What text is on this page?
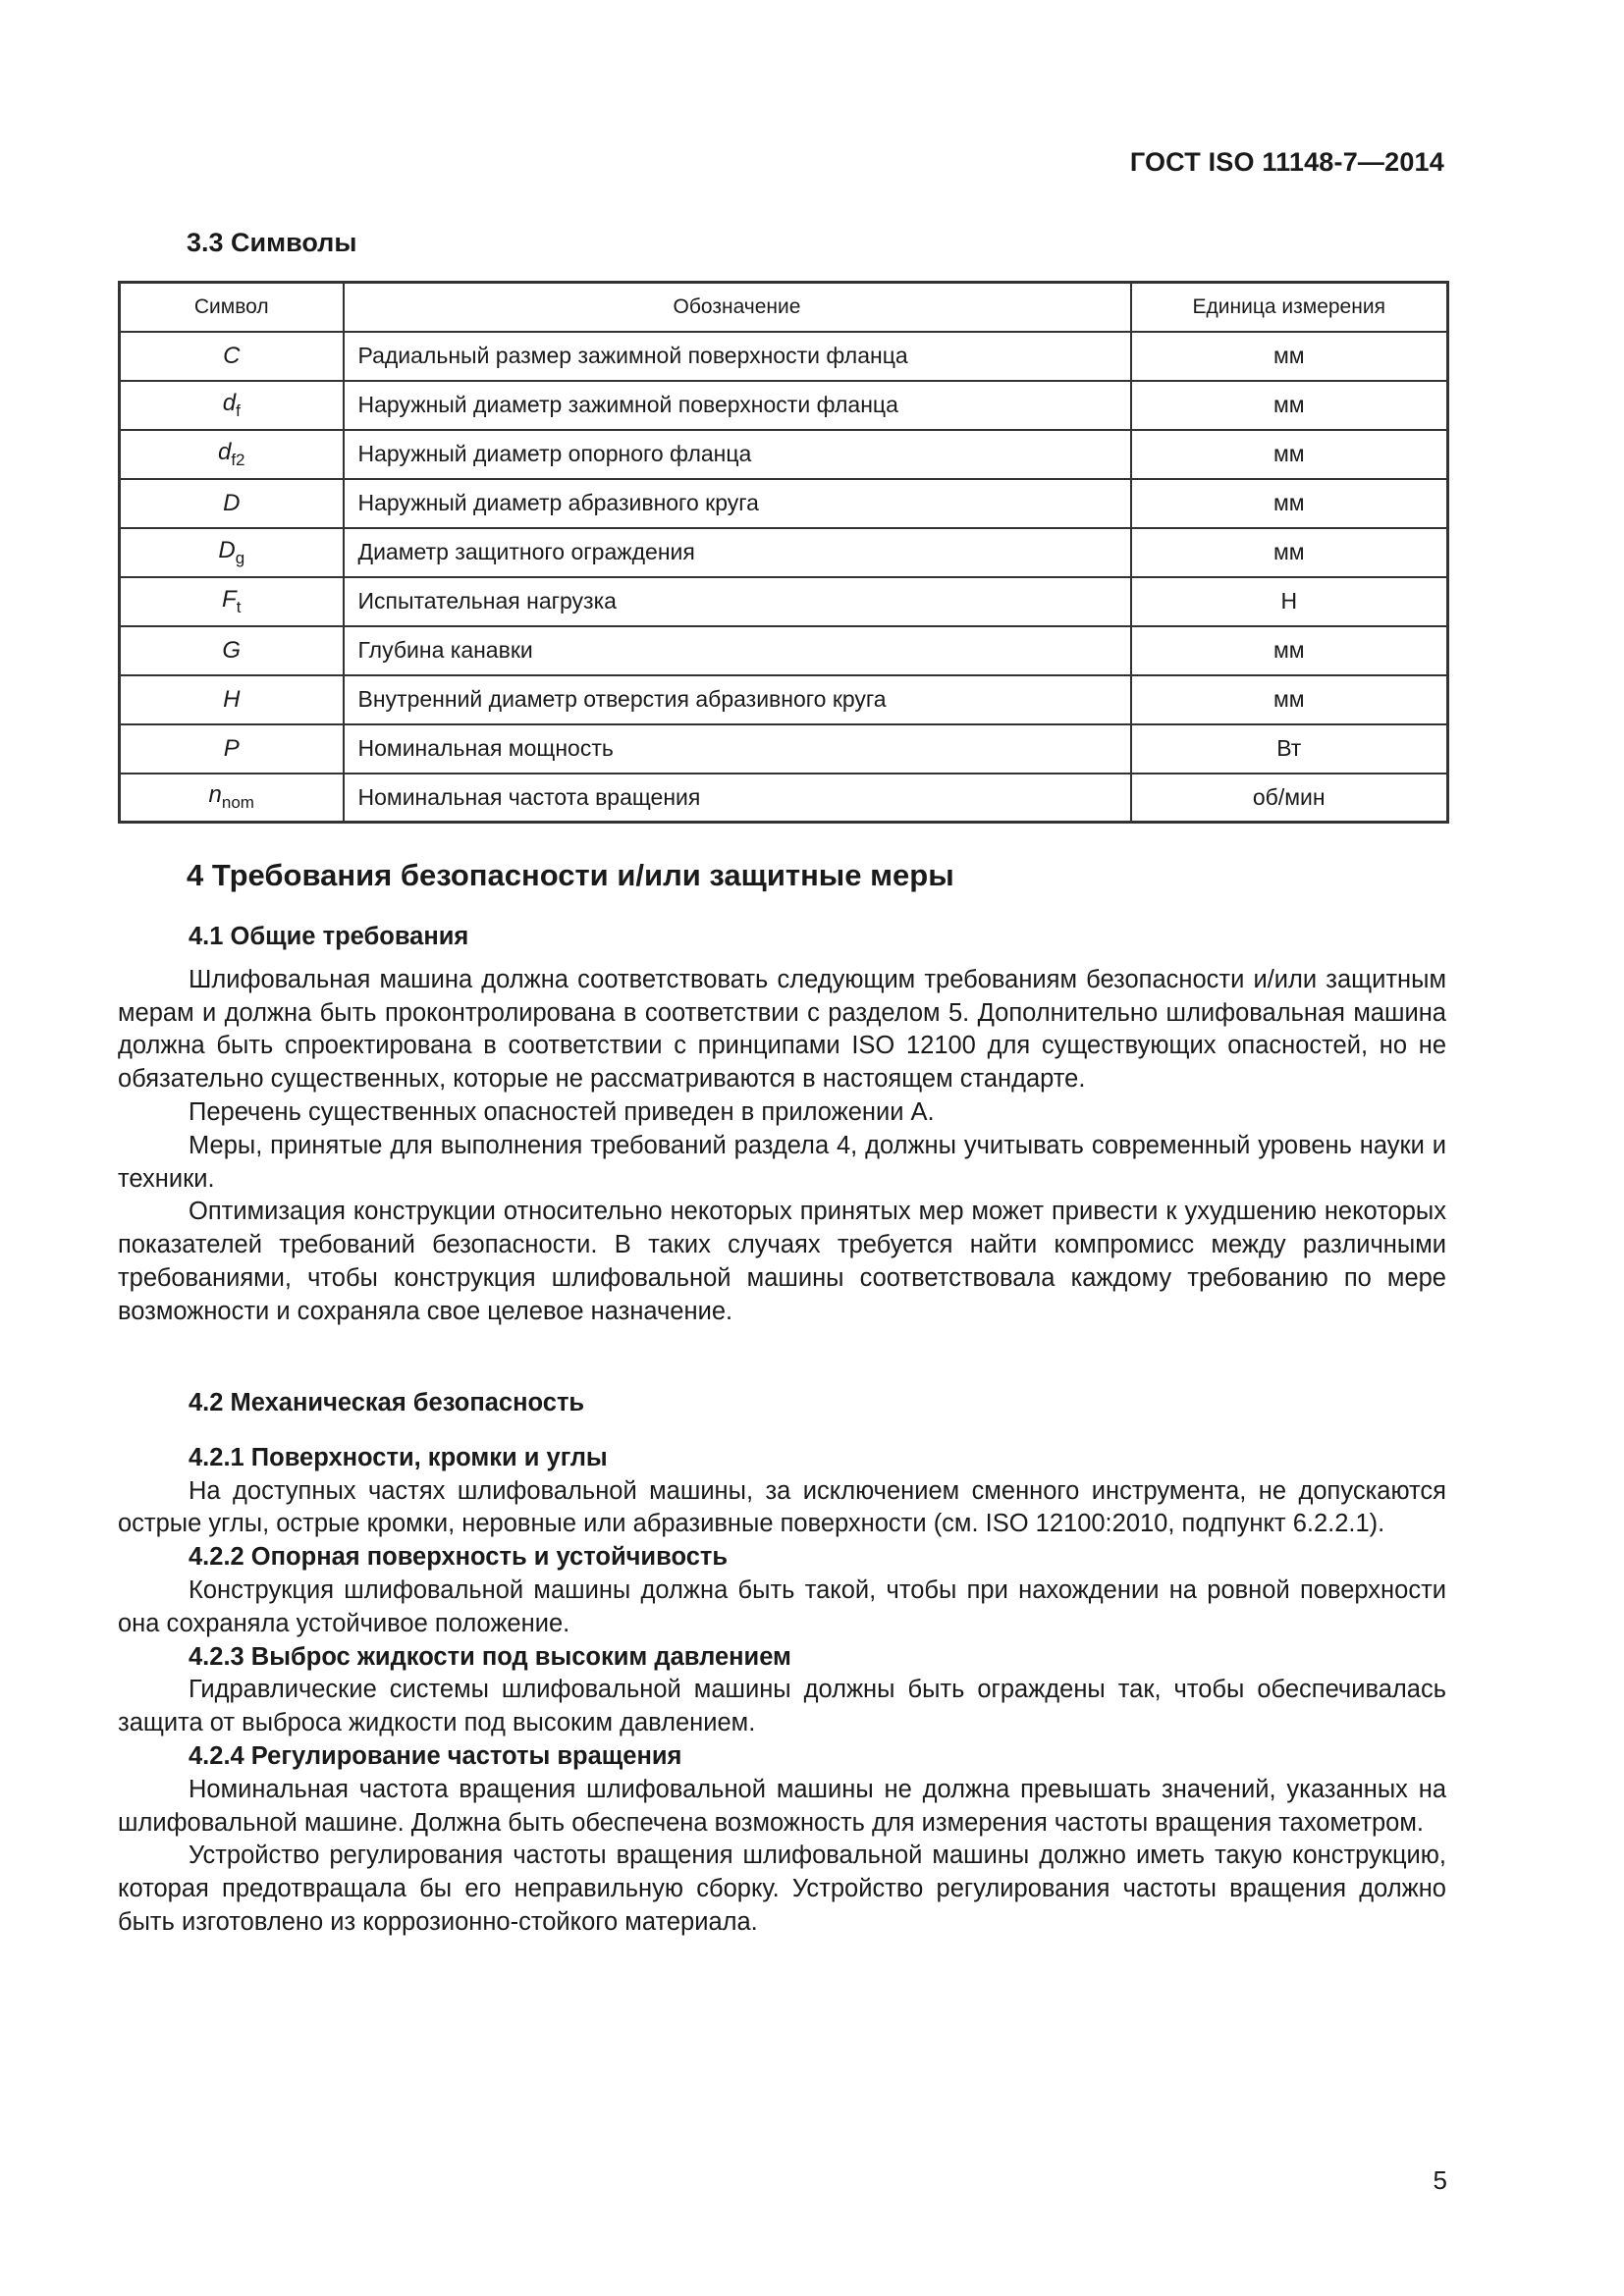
ГОСТ ISO 11148-7—2014
3.3 Символы
Символ	Обозначение	Единица измерения
C	Радиальный размер зажимной поверхности фланца	мм
$d_f$	Наружный диаметр зажимной поверхности фланца	мм
$d_{f2}$	Наружный диаметр опорного фланца	мм
D	Наружный диаметр абразивного круга	мм
$D_g$	Диаметр защитного ограждения	мм
$F_t$	Испытательная нагрузка	Н
G	Глубина канавки	мм
H	Внутренний диаметр отверстия абразивного круга	мм
P	Номинальная мощность	Вт
$n_{nom}$	Номинальная частота вращения	об/мин
4 Требования безопасности и/или защитные меры
4.1 Общие требования

Шлифовальная машина должна соответствовать следующим требованиям безопасности и/или защитным мерам и должна быть проконтролирована в соответствии с разделом 5. Дополнительно шлифовальная машина должна быть спроектирована в соответствии с принципами ISO 12100 для существующих опасностей, но не обязательно существенных, которые не рассматриваются в настоящем стандарте.

Перечень существенных опасностей приведен в приложении А.

Меры, принятые для выполнения требований раздела 4, должны учитывать современный уровень науки и техники.

Оптимизация конструкции относительно некоторых принятых мер может привести к ухудшению некоторых показателей требований безопасности. В таких случаях требуется найти компромисс между различными требованиями, чтобы конструкция шлифовальной машины соответствовала каждому требованию по мере возможности и сохраняла свое целевое назначение.

4.2 Механическая безопасность
4.2.1 Поверхности, кромки и углы

На доступных частях шлифовальной машины, за исключением сменного инструмента, не допускаются острые углы, острые кромки, неровные или абразивные поверхности (см. ISO 12100:2010, подпункт 6.2.2.1).

4.2.2 Опорная поверхность и устойчивость

Конструкция шлифовальной машины должна быть такой, чтобы при нахождении на ровной поверхности она сохраняла устойчивое положение.

4.2.3 Выброс жидкости под высоким давлением

Гидравлические системы шлифовальной машины должны быть ограждены так, чтобы обеспечивалась защита от выброса жидкости под высоким давлением.

4.2.4 Регулирование частоты вращения

Номинальная частота вращения шлифовальной машины не должна превышать значений, указанных на шлифовальной машине. Должна быть обеспечена возможность для измерения частоты вращения тахометром.

Устройство регулирования частоты вращения шлифовальной машины должно иметь такую конструкцию, которая предотвращала бы его неправильную сборку. Устройство регулирования частоты вращения должно быть изготовлено из коррозионно-стойкого материала.

5
